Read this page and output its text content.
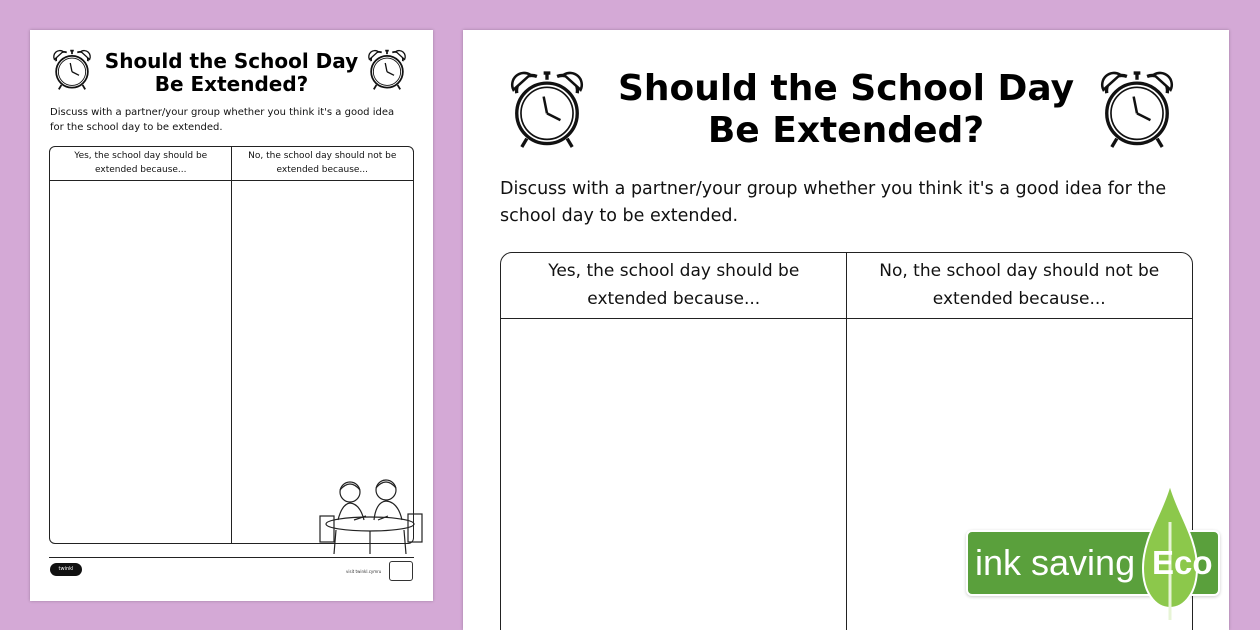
Should the School Day
Be Extended?
Discuss with a partner/your group whether you think it's a good idea for the school day to be extended.
Yes, the school day should be extended because...
No, the school day should not be extended because...
twinkl	visit twinkl.cymru
Should the School Day
Be Extended?
Discuss with a partner/your group whether you think it's a good idea for the school day to be extended.
Yes, the school day should be extended because...
No, the school day should not be extended because...
ink saving Eco
